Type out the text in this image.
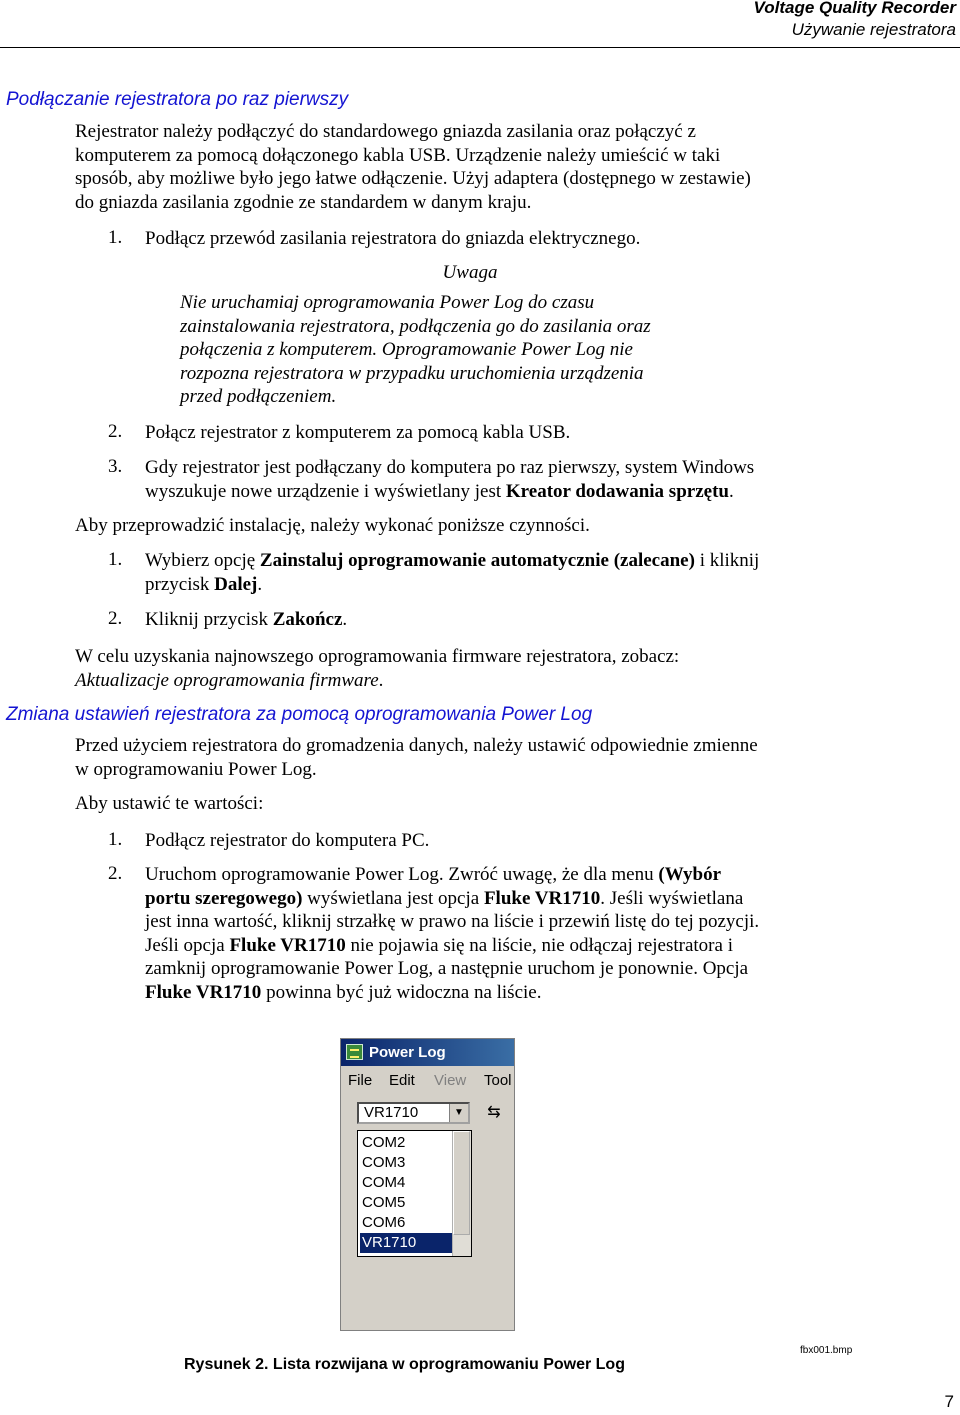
Voltage Quality Recorder
Używanie rejestratora
Podłączanie rejestratora po raz pierwszy
Rejestrator należy podłączyć do standardowego gniazda zasilania oraz połączyć z
komputerem za pomocą dołączonego kabla USB. Urządzenie należy umieścić w taki
sposób, aby możliwe było jego łatwe odłączenie. Użyj adaptera (dostępnego w zestawie)
do gniazda zasilania zgodnie ze standardem w danym kraju.
1. Podłącz przewód zasilania rejestratora do gniazda elektrycznego.
Uwaga
Nie uruchamiaj oprogramowania Power Log do czasu
zainstalowania rejestratora, podłączenia go do zasilania oraz
połączenia z komputerem. Oprogramowanie Power Log nie
rozpozna rejestratora w przypadku uruchomienia urządzenia
przed podłączeniem.
2. Połącz rejestrator z komputerem za pomocą kabla USB.
3. Gdy rejestrator jest podłączany do komputera po raz pierwszy, system Windows
wyszukuje nowe urządzenie i wyświetlany jest Kreator dodawania sprzętu.
Aby przeprowadzić instalację, należy wykonać poniższe czynności.
1. Wybierz opcję Zainstaluj oprogramowanie automatycznie (zalecane) i kliknij
przycisk Dalej.
2. Kliknij przycisk Zakończ.
W celu uzyskania najnowszego oprogramowania firmware rejestratora, zobacz:
Aktualizacje oprogramowania firmware.
Zmiana ustawień rejestratora za pomocą oprogramowania Power Log
Przed użyciem rejestratora do gromadzenia danych, należy ustawić odpowiednie zmienne
w oprogramowaniu Power Log.
Aby ustawić te wartości:
1. Podłącz rejestrator do komputera PC.
2. Uruchom oprogramowanie Power Log. Zwróć uwagę, że dla menu (Wybór
portu szeregowego) wyświetlana jest opcja Fluke VR1710. Jeśli wyświetlana
jest inna wartość, kliknij strzałkę w prawo na liście i przewiń listę do tej pozycji.
Jeśli opcja Fluke VR1710 nie pojawia się na liście, nie odłączaj rejestratora i
zamknij oprogramowanie Power Log, a następnie uruchom je ponownie. Opcja
Fluke VR1710 powinna być już widoczna na liście.
Power Log
File Edit View Tool
VR1710	▼	⇆
COM2
COM3
COM4
COM5
COM6
VR1710
Rysunek 2. Lista rozwijana w oprogramowaniu Power Log
fbx001.bmp
7
